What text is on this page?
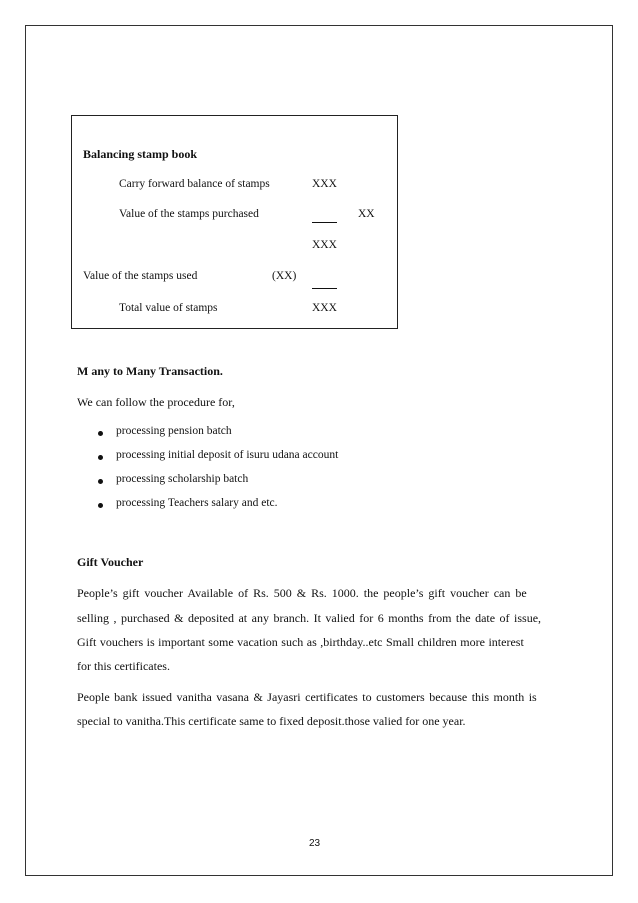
Balancing stamp book
Carry forward balance of stamps	XXX
Value of the stamps purchased	XX
XXX
Value of the stamps used	(XX)
Total value of stamps	XXX
M any to Many Transaction.
We can follow the procedure for,
processing pension batch
processing initial deposit of isuru udana account
processing scholarship batch
processing Teachers salary and etc.
Gift Voucher
People’s gift voucher Available of Rs. 500 & Rs. 1000. the people’s gift voucher can be
selling , purchased & deposited at any branch. It valied for 6 months from the date of issue,
Gift vouchers is important some vacation such as ,birthday..etc Small children more interest
for this certificates.
People bank issued vanitha vasana & Jayasri certificates to customers because this month is
special to vanitha.This certificate same to fixed deposit.those valied for one year.
23
